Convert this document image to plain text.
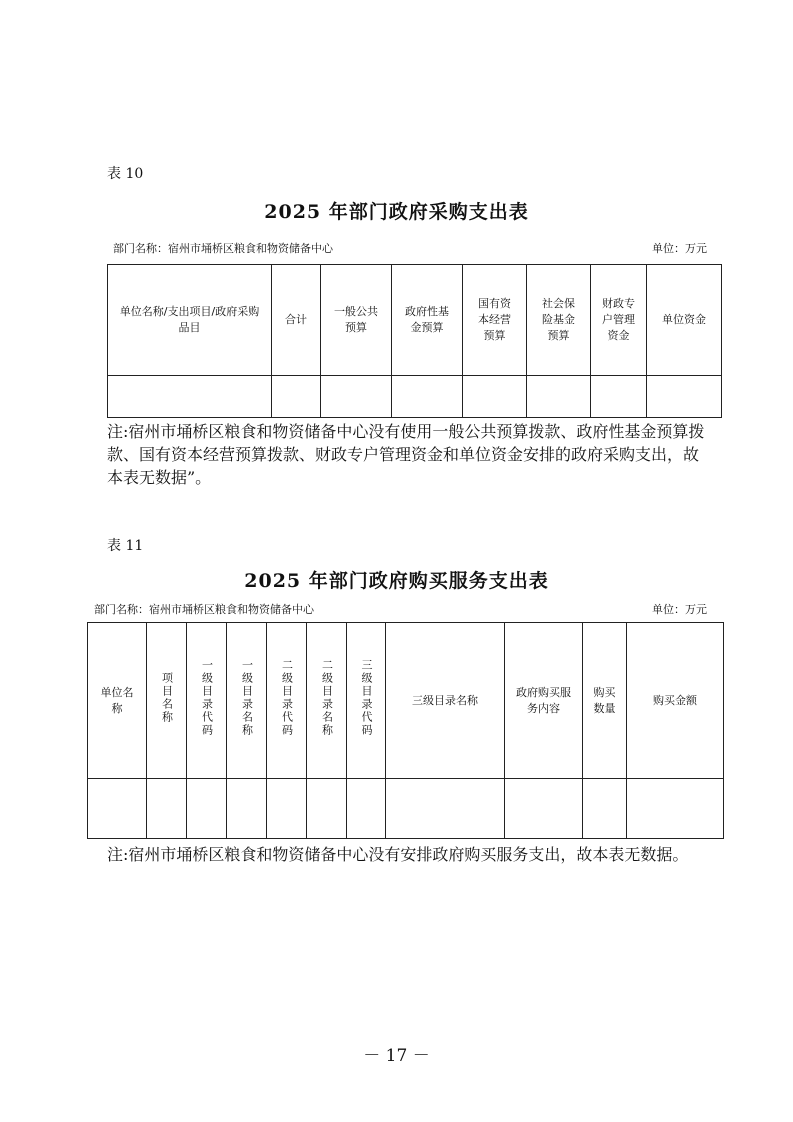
表 10
2025 年部门政府采购支出表
部门名称：宿州市埇桥区粮食和物资储备中心	单位：万元
单位名称/支出项目/政府采购品目	合计	一般公共预算	政府性基金预算	国有资本经营预算	社会保险基金预算	财政专户管理资金	单位资金

注:宿州市埇桥区粮食和物资储备中心没有使用一般公共预算拨款、政府性基金预算拨款、国有资本经营预算拨款、财政专户管理资金和单位资金安排的政府采购支出，故本表无数据”。
表 11
2025 年部门政府购买服务支出表
部门名称：宿州市埇桥区粮食和物资储备中心	单位：万元
单位名称	项目名称	一级目录代码	一级目录名称	二级目录代码	二级目录名称	三级目录代码	三级目录名称	政府购买服务内容	购买数量	购买金额

注:宿州市埇桥区粮食和物资储备中心没有安排政府购买服务支出，故本表无数据。
－ 17 －
